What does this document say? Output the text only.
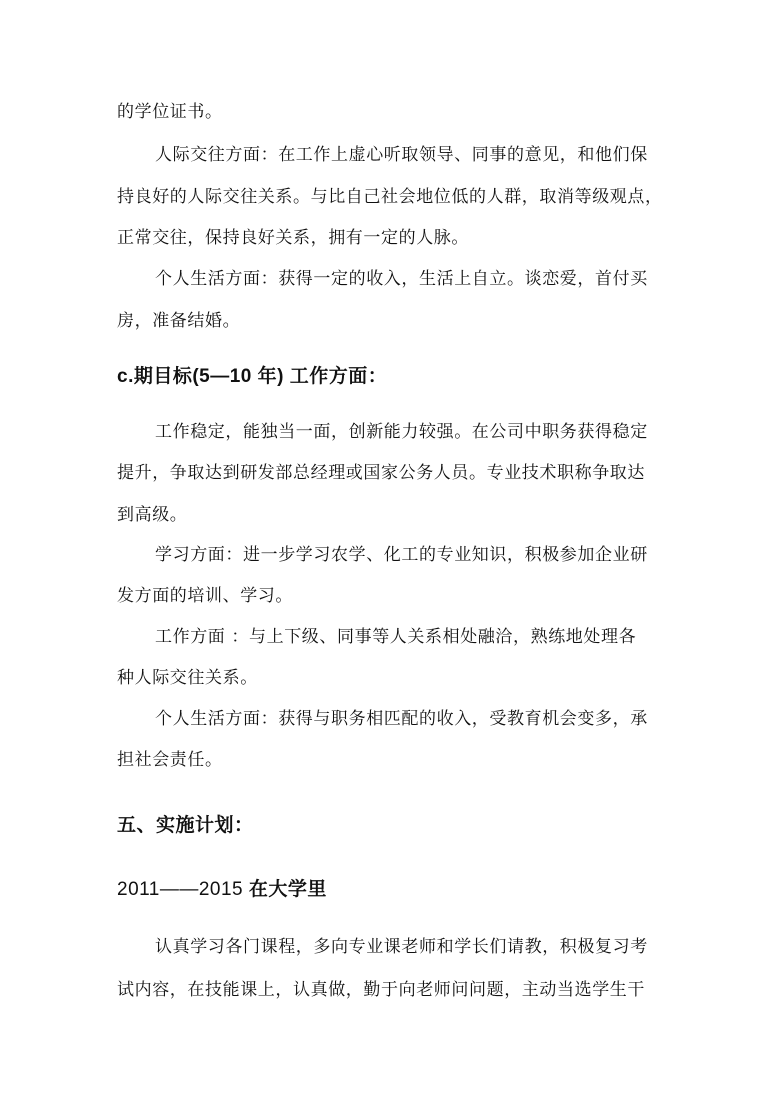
的学位证书。
人际交往方面：在工作上虚心听取领导、同事的意见，和他们保
持良好的人际交往关系。与比自己社会地位低的人群，取消等级观点，
正常交往，保持良好关系，拥有一定的人脉。
个人生活方面：获得一定的收入，生活上自立。谈恋爱，首付买
房，准备结婚。
c.期目标(5—10 年) 工作方面：
工作稳定，能独当一面，创新能力较强。在公司中职务获得稳定
提升，争取达到研发部总经理或国家公务人员。专业技术职称争取达
到高级。
学习方面：进一步学习农学、化工的专业知识，积极参加企业研
发方面的培训、学习。
工作方面 ：与上下级、同事等人关系相处融洽，熟练地处理各
种人际交往关系。
个人生活方面：获得与职务相匹配的收入，受教育机会变多，承
担社会责任。
五、实施计划：
2011——2015 在大学里
认真学习各门课程，多向专业课老师和学长们请教，积极复习考
试内容，在技能课上，认真做，勤于向老师问问题，主动当选学生干
